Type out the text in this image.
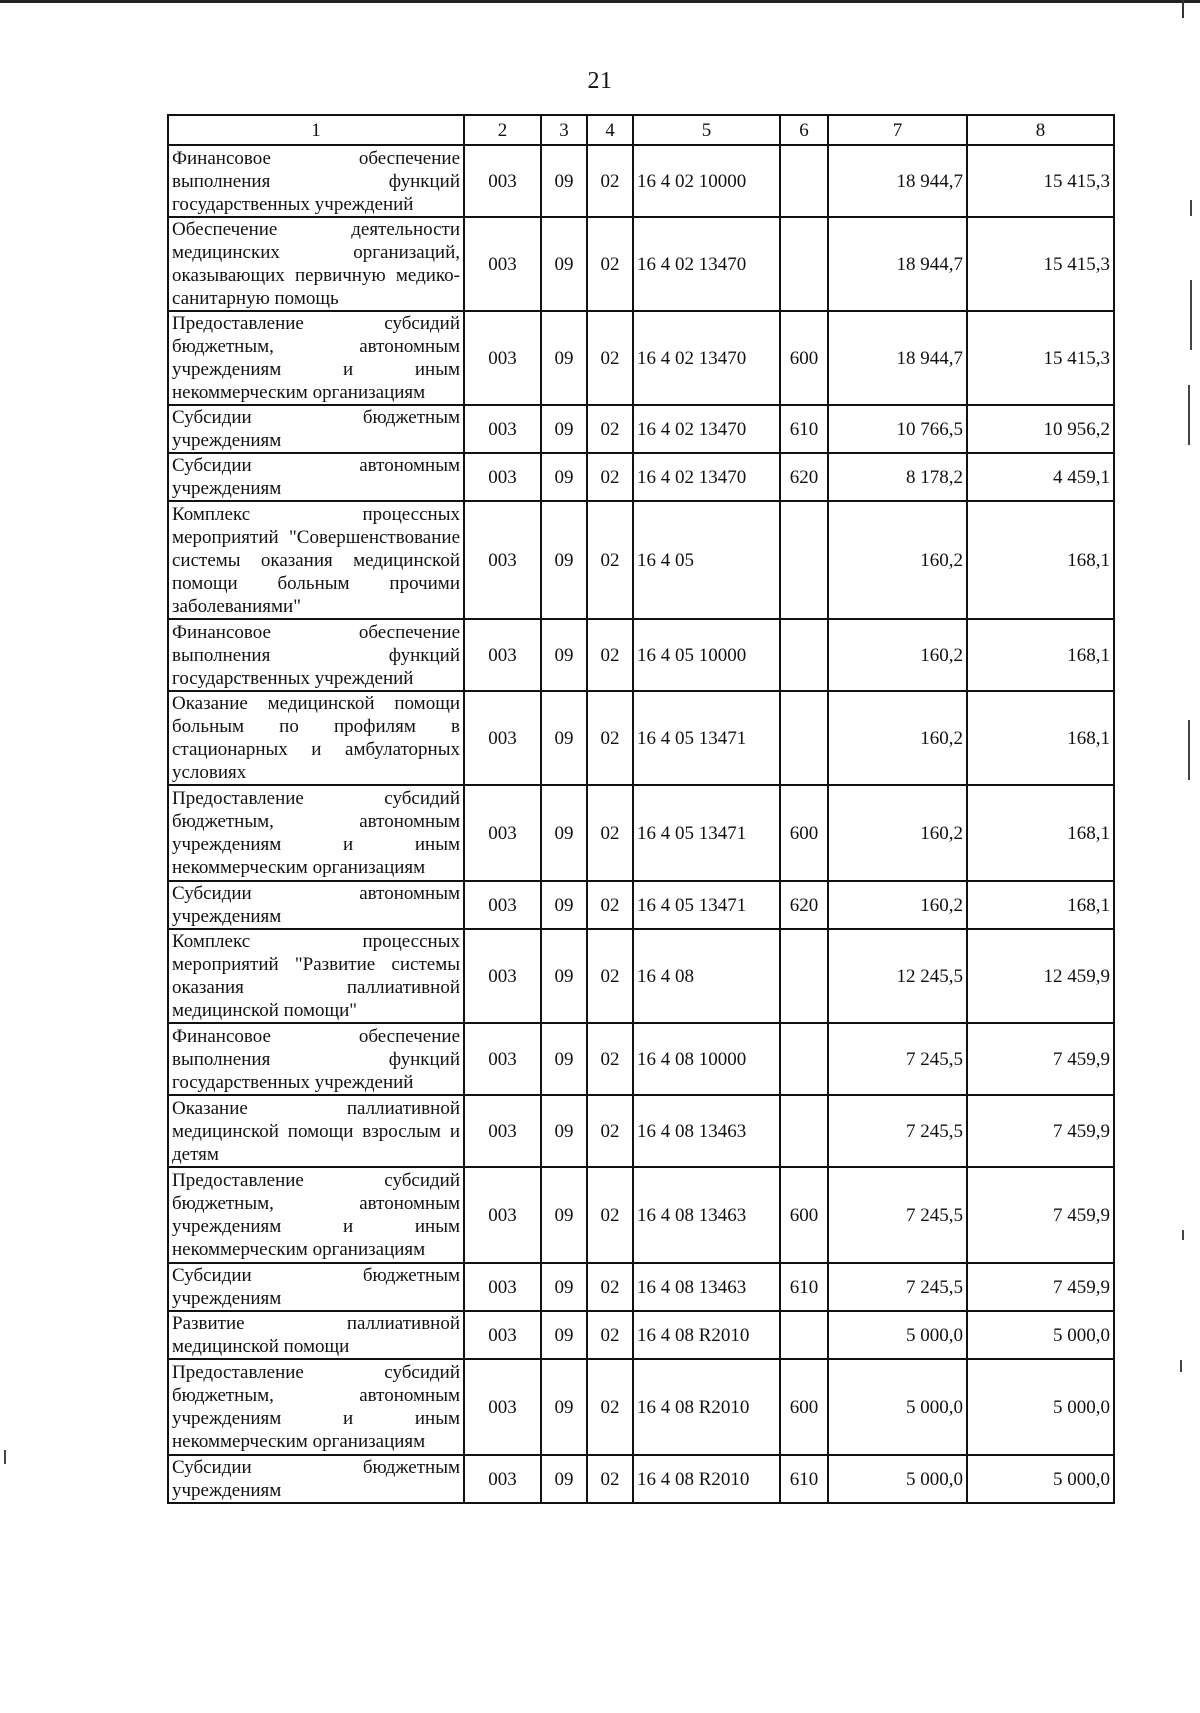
21
1	2	3	4	5	6	7	8
Финансовое обеспечение выполнения функций государственных учреждений	003	09	02	16 4 02 10000		18 944,7	15 415,3
Обеспечение деятельности медицинских организаций, оказывающих первичную медико-санитарную помощь	003	09	02	16 4 02 13470		18 944,7	15 415,3
Предоставление субсидий бюджетным, автономным учреждениям и иным некоммерческим организациям	003	09	02	16 4 02 13470	600	18 944,7	15 415,3
Субсидии бюджетным учреждениям	003	09	02	16 4 02 13470	610	10 766,5	10 956,2
Субсидии автономным учреждениям	003	09	02	16 4 02 13470	620	8 178,2	4 459,1
Комплекс процессных мероприятий "Совершенствование системы оказания медицинской помощи больным прочими заболеваниями"	003	09	02	16 4 05		160,2	168,1
Финансовое обеспечение выполнения функций государственных учреждений	003	09	02	16 4 05 10000		160,2	168,1
Оказание медицинской помощи больным по профилям в стационарных и амбулаторных условиях	003	09	02	16 4 05 13471		160,2	168,1
Предоставление субсидий бюджетным, автономным учреждениям и иным некоммерческим организациям	003	09	02	16 4 05 13471	600	160,2	168,1
Субсидии автономным учреждениям	003	09	02	16 4 05 13471	620	160,2	168,1
Комплекс процессных мероприятий "Развитие системы оказания паллиативной медицинской помощи"	003	09	02	16 4 08		12 245,5	12 459,9
Финансовое обеспечение выполнения функций государственных учреждений	003	09	02	16 4 08 10000		7 245,5	7 459,9
Оказание паллиативной медицинской помощи взрослым и детям	003	09	02	16 4 08 13463		7 245,5	7 459,9
Предоставление субсидий бюджетным, автономным учреждениям и иным некоммерческим организациям	003	09	02	16 4 08 13463	600	7 245,5	7 459,9
Субсидии бюджетным учреждениям	003	09	02	16 4 08 13463	610	7 245,5	7 459,9
Развитие паллиативной медицинской помощи	003	09	02	16 4 08 R2010		5 000,0	5 000,0
Предоставление субсидий бюджетным, автономным учреждениям и иным некоммерческим организациям	003	09	02	16 4 08 R2010	600	5 000,0	5 000,0
Субсидии бюджетным учреждениям	003	09	02	16 4 08 R2010	610	5 000,0	5 000,0
